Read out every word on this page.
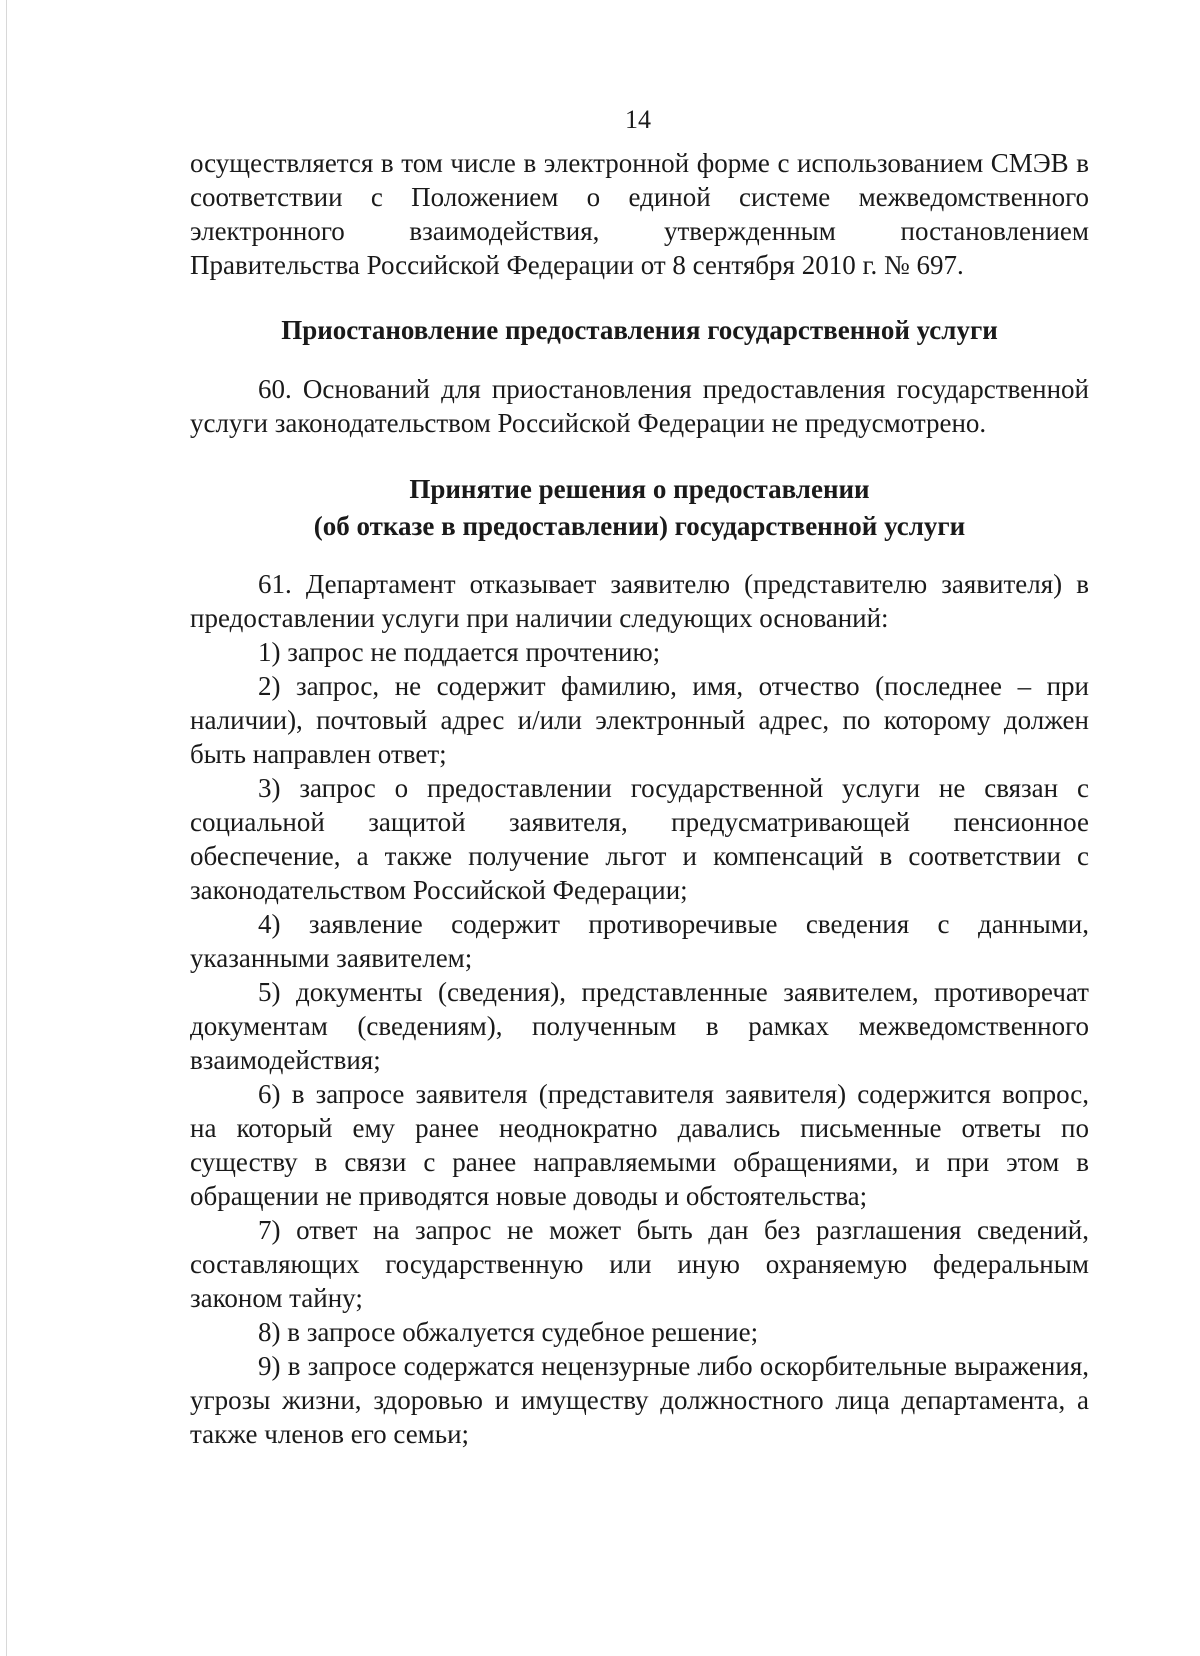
14

осуществляется в том числе в электронной форме с использованием СМЭВ в соответствии с Положением о единой системе межведомственного электронного взаимодействия, утвержденным постановлением Правительства Российской Федерации от 8 сентября 2010 г. № 697.

Приостановление предоставления государственной услуги

60. Оснований для приостановления предоставления государственной услуги законодательством Российской Федерации не предусмотрено.

Принятие решения о предоставлении
(об отказе в предоставлении) государственной услуги

61. Департамент отказывает заявителю (представителю заявителя) в предоставлении услуги при наличии следующих оснований:

1) запрос не поддается прочтению;

2) запрос, не содержит фамилию, имя, отчество (последнее – при наличии), почтовый адрес и/или электронный адрес, по которому должен быть направлен ответ;

3) запрос о предоставлении государственной услуги не связан с социальной защитой заявителя, предусматривающей пенсионное обеспечение, а также получение льгот и компенсаций в соответствии с законодательством Российской Федерации;

4) заявление содержит противоречивые сведения с данными, указанными заявителем;

5) документы (сведения), представленные заявителем, противоречат документам (сведениям), полученным в рамках межведомственного взаимодействия;

6) в запросе заявителя (представителя заявителя) содержится вопрос, на который ему ранее неоднократно давались письменные ответы по существу в связи с ранее направляемыми обращениями, и при этом в обращении не приводятся новые доводы и обстоятельства;

7) ответ на запрос не может быть дан без разглашения сведений, составляющих государственную или иную охраняемую федеральным законом тайну;

8) в запросе обжалуется судебное решение;

9) в запросе содержатся нецензурные либо оскорбительные выражения, угрозы жизни, здоровью и имуществу должностного лица департамента, а также членов его семьи;
